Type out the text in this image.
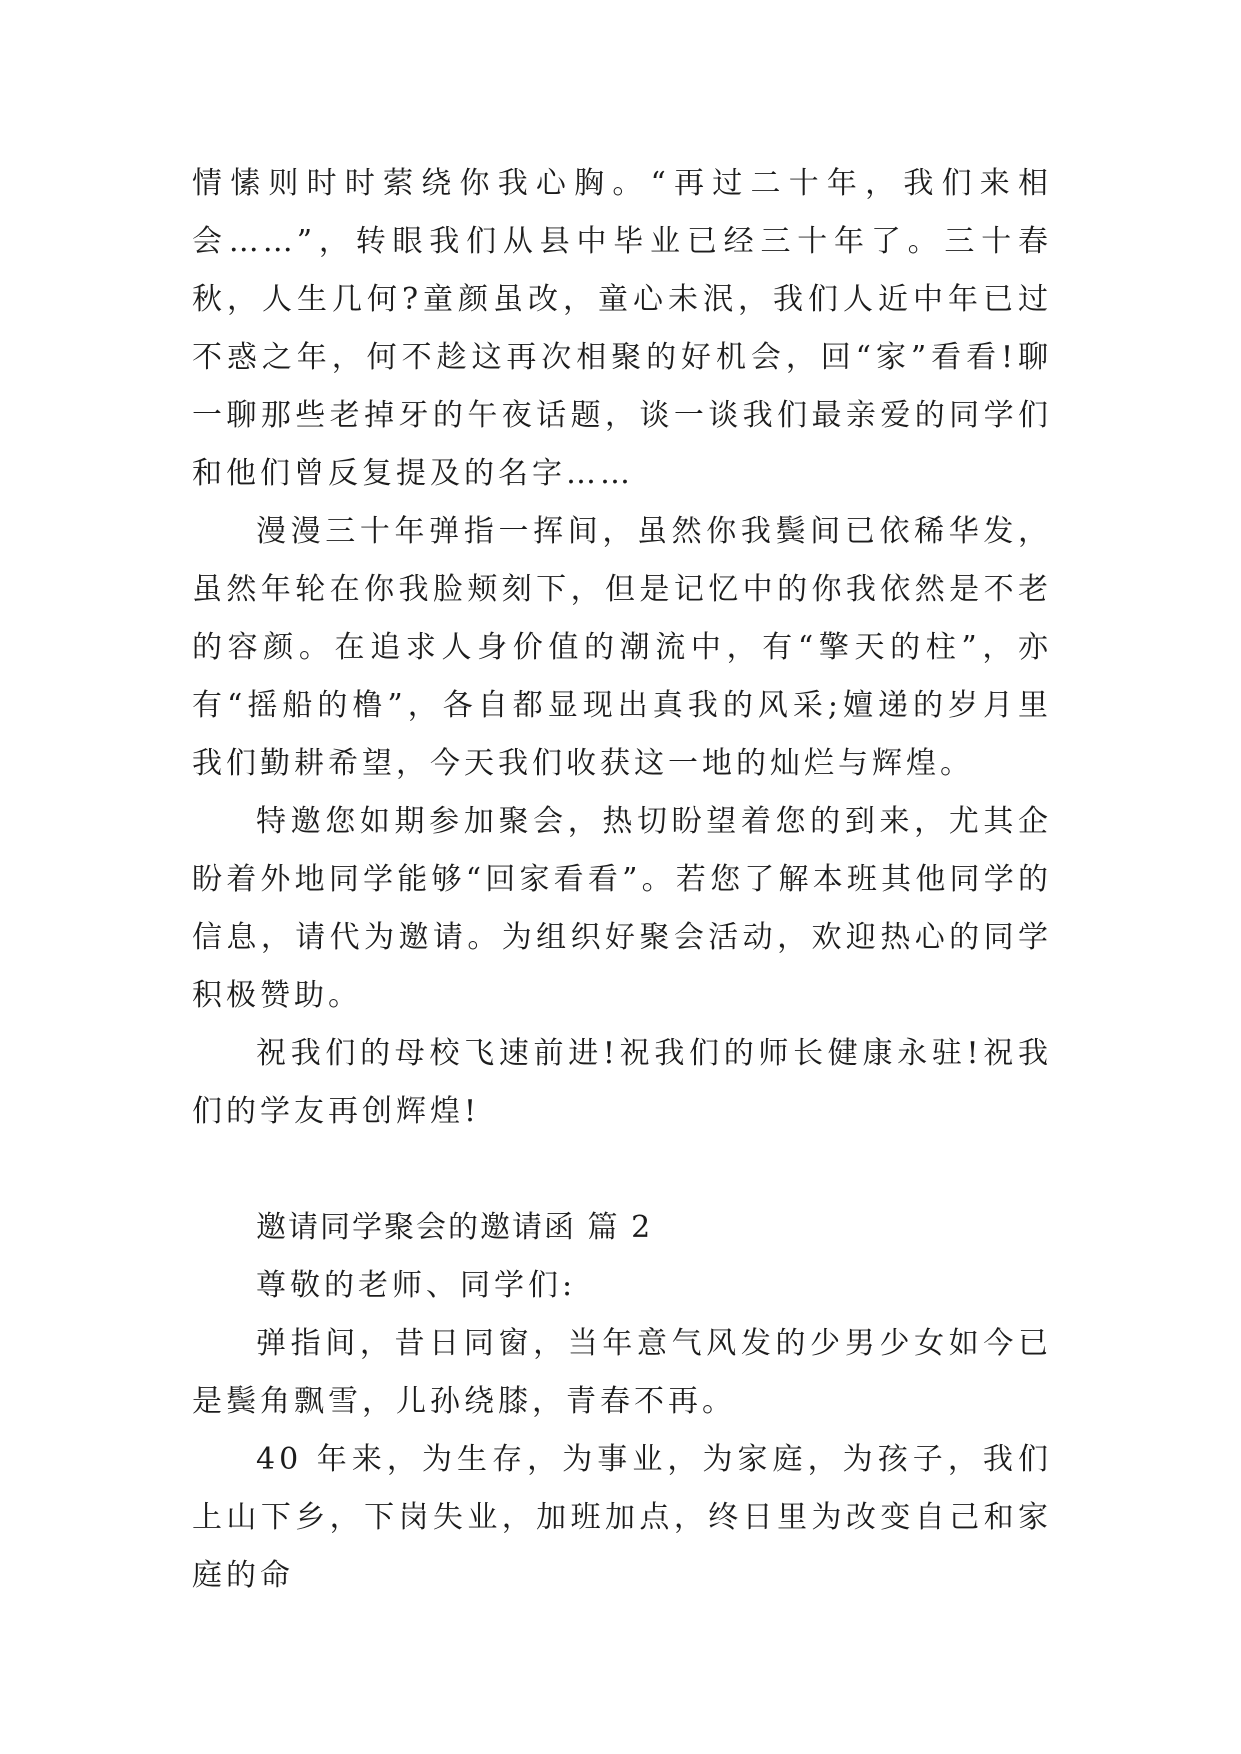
情愫则时时萦绕你我心胸。“再过二十年，我们来相会……”，转眼我们从县中毕业已经三十年了。三十春秋，人生几何?童颜虽改，童心未泯，我们人近中年已过不惑之年，何不趁这再次相聚的好机会，回“家”看看!聊一聊那些老掉牙的午夜话题，谈一谈我们最亲爱的同学们和他们曾反复提及的名字……

漫漫三十年弹指一挥间，虽然你我鬓间已依稀华发，虽然年轮在你我脸颊刻下，但是记忆中的你我依然是不老的容颜。在追求人身价值的潮流中，有“擎天的柱”，亦有“摇船的橹”，各自都显现出真我的风采;嬗递的岁月里我们勤耕希望，今天我们收获这一地的灿烂与辉煌。

特邀您如期参加聚会，热切盼望着您的到来，尤其企盼着外地同学能够“回家看看”。若您了解本班其他同学的信息，请代为邀请。为组织好聚会活动，欢迎热心的同学积极赞助。

祝我们的母校飞速前进!祝我们的师长健康永驻!祝我们的学友再创辉煌!

邀请同学聚会的邀请函 篇 2

尊敬的老师、同学们:

弹指间，昔日同窗，当年意气风发的少男少女如今已是鬓角飘雪，儿孙绕膝，青春不再。

40 年来，为生存，为事业，为家庭，为孩子，我们上山下乡，下岗失业，加班加点，终日里为改变自己和家庭的命
